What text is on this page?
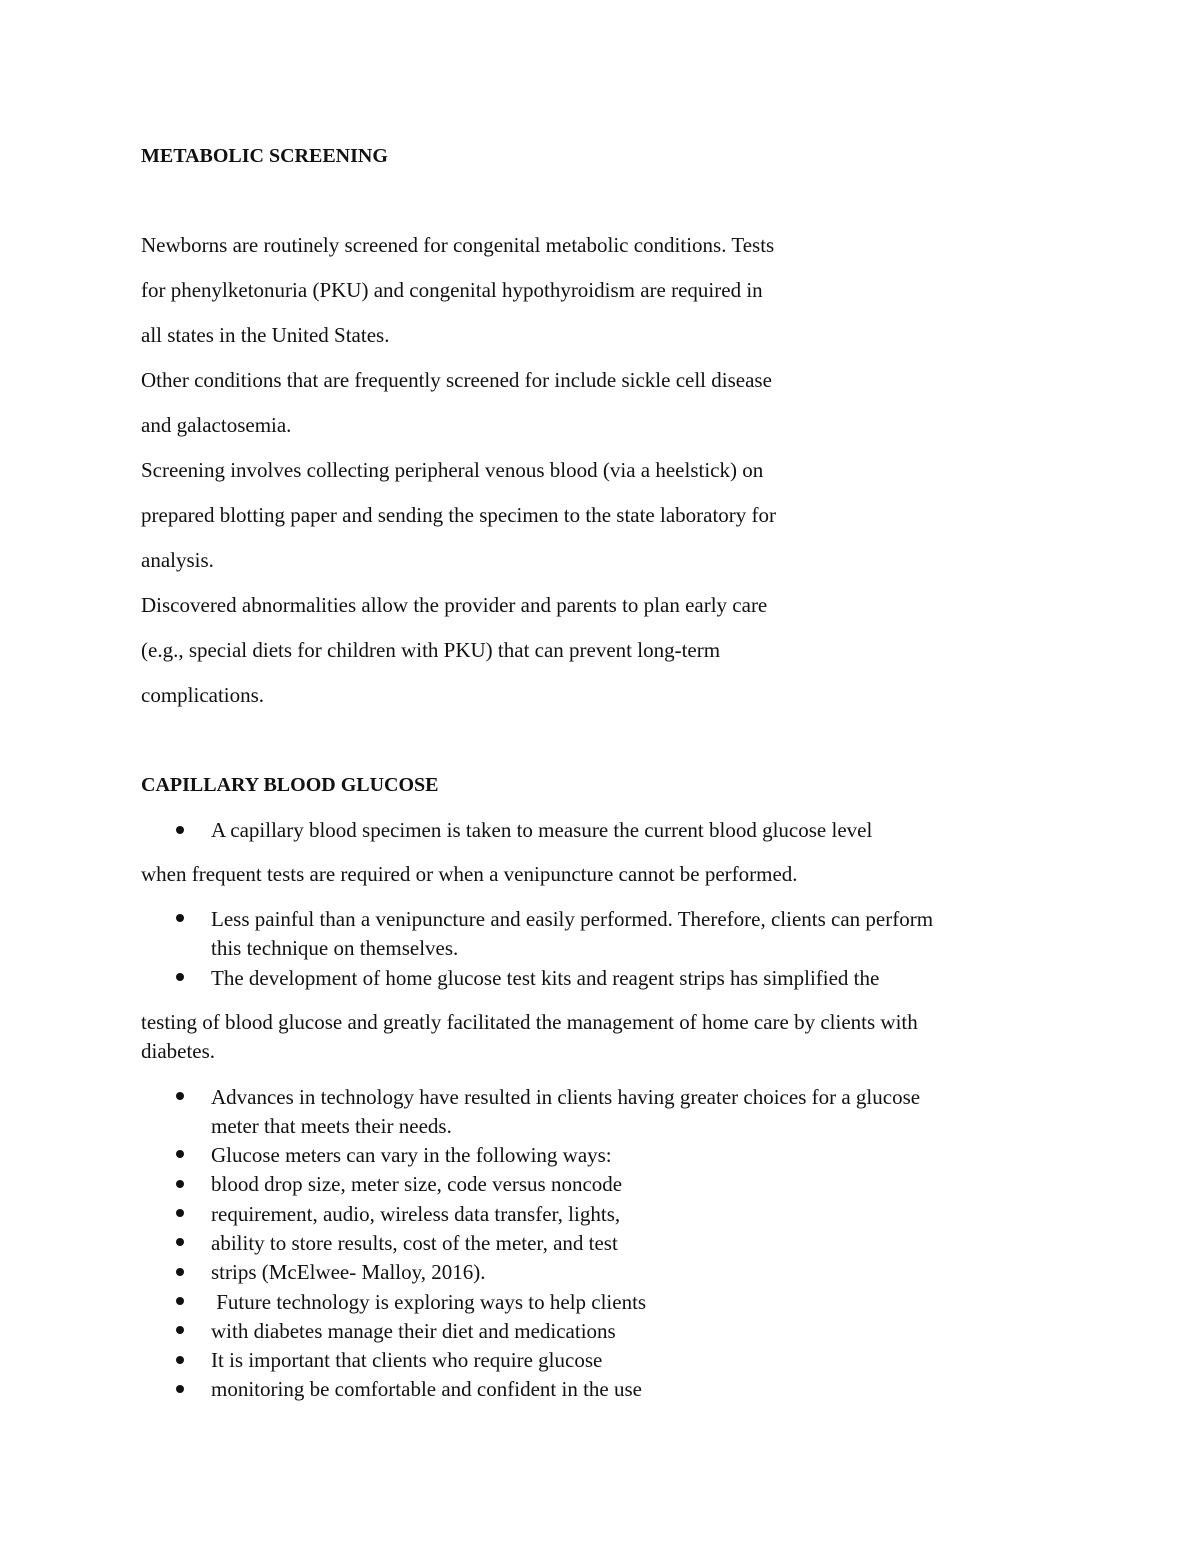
METABOLIC SCREENING
Newborns are routinely screened for congenital metabolic conditions. Tests
for phenylketonuria (PKU) and congenital hypothyroidism are required in
all states in the United States.
Other conditions that are frequently screened for include sickle cell disease
and galactosemia.
Screening involves collecting peripheral venous blood (via a heelstick) on
prepared blotting paper and sending the specimen to the state laboratory for
analysis.
Discovered abnormalities allow the provider and parents to plan early care
(e.g., special diets for children with PKU) that can prevent long-term
complications.
CAPILLARY BLOOD GLUCOSE
A capillary blood specimen is taken to measure the current blood glucose level
when frequent tests are required or when a venipuncture cannot be performed.
Less painful than a venipuncture and easily performed. Therefore, clients can perform
this technique on themselves.
The development of home glucose test kits and reagent strips has simplified the
testing of blood glucose and greatly facilitated the management of home care by clients with
diabetes.
Advances in technology have resulted in clients having greater choices for a glucose
meter that meets their needs.
Glucose meters can vary in the following ways:
blood drop size, meter size, code versus noncode
requirement, audio, wireless data transfer, lights,
ability to store results, cost of the meter, and test
strips (McElwee- Malloy, 2016).
Future technology is exploring ways to help clients
with diabetes manage their diet and medications
It is important that clients who require glucose
monitoring be comfortable and confident in the use
